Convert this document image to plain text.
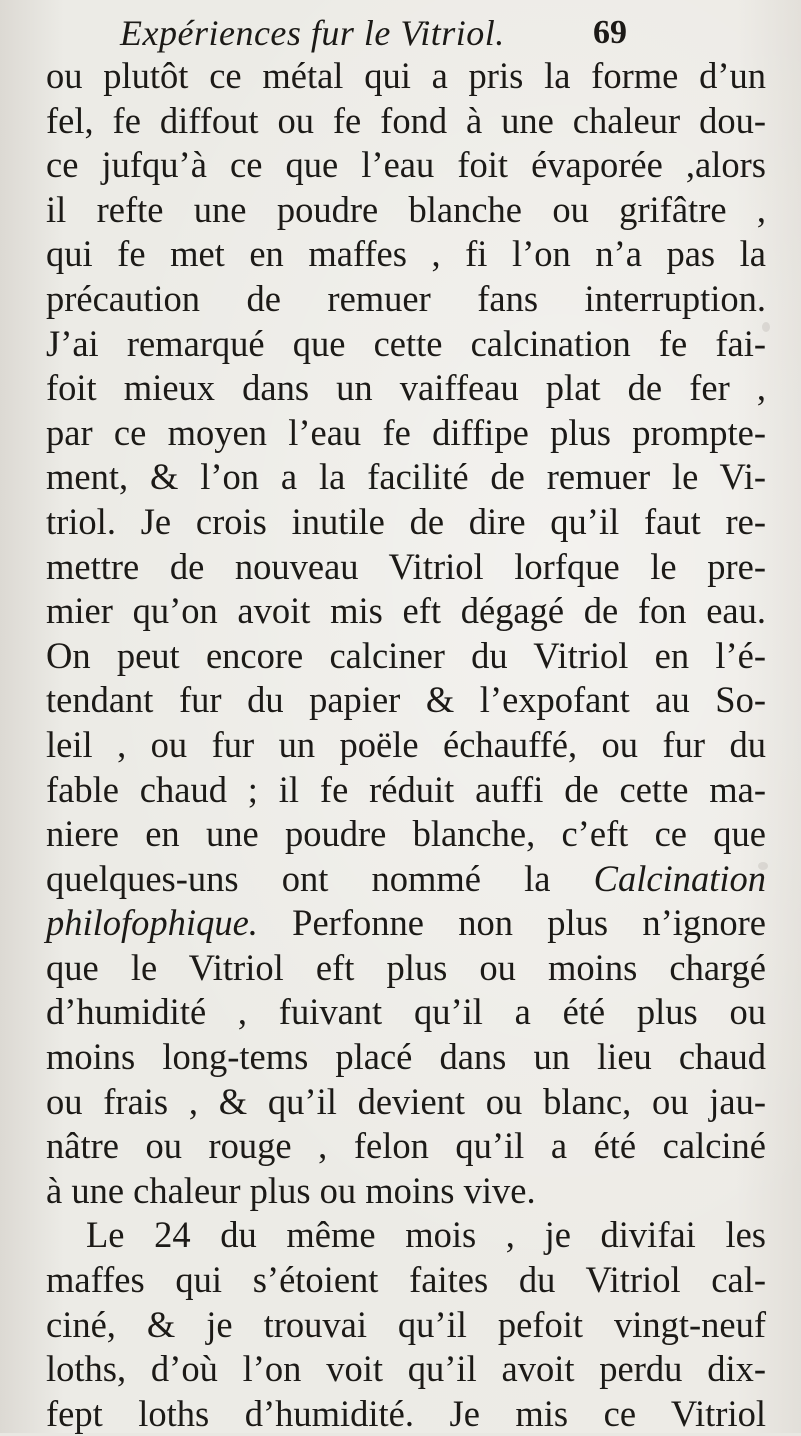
Expériences fur le Vitriol.	69
ou plutôt ce métal qui a pris la forme d’un
fel, fe diffout ou fe fond à une chaleur dou-
ce jufqu’à ce que l’eau foit évaporée ,alors
il refte une poudre blanche ou grifâtre ,
qui fe met en maffes , fi l’on n’a pas la
précaution de remuer fans interruption.
J’ai remarqué que cette calcination fe fai-
foit mieux dans un vaiffeau plat de fer ,
par ce moyen l’eau fe diffipe plus prompte-
ment, & l’on a la facilité de remuer le Vi-
triol. Je crois inutile de dire qu’il faut re-
mettre de nouveau Vitriol lorfque le pre-
mier qu’on avoit mis eft dégagé de fon eau.
On peut encore calciner du Vitriol en l’é-
tendant fur du papier & l’expofant au So-
leil , ou fur un poële échauffé, ou fur du
fable chaud ; il fe réduit auffi de cette ma-
niere en une poudre blanche, c’eft ce que
quelques-uns ont nommé la Calcination
philofophique. Perfonne non plus n’ignore
que le Vitriol eft plus ou moins chargé
d’humidité , fuivant qu’il a été plus ou
moins long-tems placé dans un lieu chaud
ou frais , & qu’il devient ou blanc, ou jau-
nâtre ou rouge , felon qu’il a été calciné
à une chaleur plus ou moins vive.
Le 24 du même mois , je divifai les
maffes qui s’étoient faites du Vitriol cal-
ciné, & je trouvai qu’il pefoit vingt-neuf
loths, d’où l’on voit qu’il avoit perdu dix-
fept loths d’humidité. Je mis ce Vitriol
